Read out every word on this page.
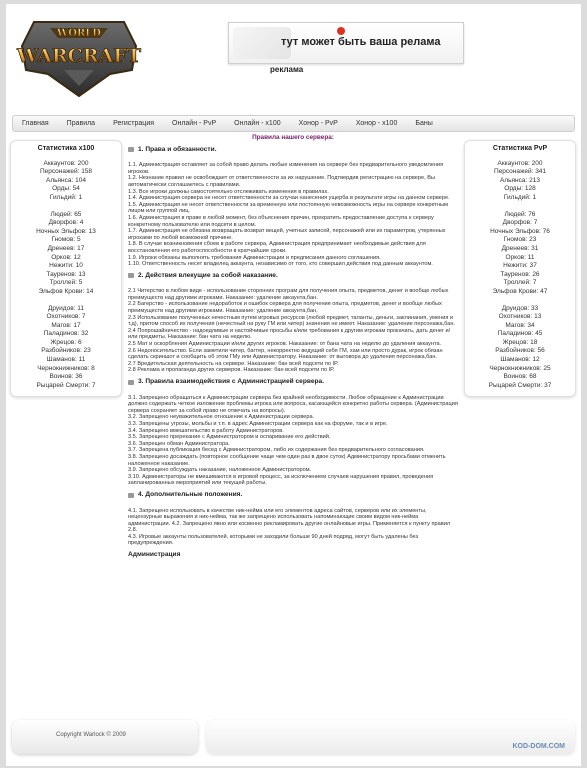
WORLD
WARCRAFT
тут может быть ваша релама
реклама
Главная	Правила	Регистрация	Онлайн - PvP	Онлайн - x100	Хонор - PvP	Хонор - x100	Баны
Статистика x100
Аккаунтов: 200
Персонажей: 158
Альянса: 104
Орды: 54
Гильдий: 1
Людей: 65
Дворфов: 4
Ночных Эльфов: 13
Гномов: 5
Дренеев: 17
Орков: 12
Нежити: 10
Тауренов: 13
Троллей: 5
Эльфов Крови: 14
Друидов: 11
Охотников: 7
Магов: 17
Паладинов: 32
Жрецов: 6
Разбойников: 23
Шаманов: 11
Чернокнижников: 8
Воинов: 36
Рыцарей Смерти: 7
Правила нашего сервера:
1. Права и обязанности.

1.1. Администрация оставляет за собой право делать любые изменения на сервере без предварительного уведомления игроков.

1.2. Незнание правил не освобождает от ответственности за их нарушение. Подтвердив регистрацию на сервере, Вы автоматически соглашаетесь с правилами.

1.3. Все игроки должны самостоятельно отслеживать изменения в правилах.

1.4. Администрация сервера не несет ответственности за случаи нанесения ущерба в результате игры на данном сервере.

1.5. Администрация не несет ответственности за временную или постоянную невозможность игры на сервере конкретным лицом или группой лиц.

1.6. Администрация в праве в любой момент, без объяснения причин, прекратить предоставление доступа к серверу конкретному пользователю или подсети в целом.

1.7. Администрация не обязана возвращать возврат вещей, учетных записей, персонажей или их параметров, утерянных игроками по любой возможной причине.

1.8. В случае возникновения сбоев в работе сервера, Администрация предпринимает необходимые действия для восстановления его работоспособности в кратчайшие сроки.

1.9. Игроки обязаны выполнять требования Администрации и предписания данного соглашения.

1.10. Ответственность несет владелец аккаунта, независимо от того, кто совершил действия под данным аккаунтом.

2. Действия влекущие за собой наказание.

2.1 Читерство в любом виде - использование сторонних програм для получения опыта, предметов, денег и вообще любых преимуществ над другими игроками. Наказание: удаление аккаунта,бан.

2.2 Багерство - использование недоработок и ошибок сервера для получения опыта, предметов, денег и вообще любых преимуществ над другими игроками. Наказание: удаление аккаунта,бан.

2.3 Использование полученных нечестным путем игровых ресурсов (любой предмет, таланты, деньги, заклинания, умения и т.д), притом способ их получения (нечестный на руку ГМ или читер) значения не имеет. Наказание: удаление персонажа,бан.

2.4 Попрошайничество - надоедливые и настойчивые просьбы к/или требования к другим игрокам прокачать, дать денег и/или предметы. Наказание: бан чата на неделю.

2.5 Мат и оскорбления Администрации и/или других игроков. Наказание: от бана чата на неделю до удаления аккаунта.

2.6 Недоносительство. Если заметили читер, багтер, некорректно ведущий себя ГМ, хам или просто дурак, игрок обязан сделать скриншот и сообщить об этом ГМу или Администратору. Наказание: от выговора до удаления персонажа,бан.

2.7 Вредительская деятельность на сервере. Наказание: бан всей подсети по IP.

2.8 Реклама и пропаганда других серверов. Наказание: бан всей подсети по IP.

3. Правила взаимодействия с Администрацией сервера.

3.1. Запрещено обращаться к Администрации сервера без крайней необходимости. Любое обращение к Администрации должно содержать четкое изложение проблемы игрока или вопроса, касающейся конкретно работы сервера. (Администрация сервера сохраняет за собой право не отвечать на вопросы).

3.2. Запрещено неуважительное отношение к Администрации сервера.

3.3. Запрещены угрозы, мольбы и т.п. в адрес Администрации сервера как на форуме, так и в игре.

3.4. Запрещено вмешательство в работу Администраторов.

3.5. Запрещено пререкание с Администратором и оспаривание его действий.

3.6. Запрещен обман Администратора.

3.7. Запрещена публикация бесед с Администратором, либо их содержания без предварительного согласования.

3.8. Запрещено досаждать (повторное сообщение чаще чем один раз в двое суток) Администратору просьбами отменить наложенное наказание.

3.9. Запрещено обсуждать наказание, наложенное Администратором.

3.10. Администраторы не вмешиваются в игровой процесс, за исключением случаев нарушения правил, проведения запланированных мероприятий или текущей работы.

4. Дополнительные положения.

4.1. Запрещено использовать в качестве ник-нейма или его элементов адреса сайтов, серверов или их элементы, нецензурные выражения и ник-нейма, так же запрещено использовать напоминающие своим видом ник-нейма администрации. 4.2. Запрещено явно или косвенно рекламировать другие онлайновые игры. Применяется к пункту правил 2.8.

4.3. Игровые аккаунты пользователей, которыми не заходили больше 90 дней подряд, могут быть удалены без предупреждения.

Администрация
Статистика PvP
Аккаунтов: 200
Персонажей: 341
Альянса: 213
Орды: 128
Гильдий: 1
Людей: 76
Дворфов: 7
Ночных Эльфов: 76
Гномов: 23
Дренеев: 31
Орков: 11
Нежити: 37
Тауренов: 26
Троллей: 7
Эльфов Крови: 47
Друидов: 33
Охотников: 13
Магов: 34
Паладинов: 45
Жрецов: 18
Разбойников: 56
Шаманов: 12
Чернокнижников: 25
Воинов: 68
Рыцарей Смерти: 37
Copyright Warlock © 2009
KOD-DOM.COM
